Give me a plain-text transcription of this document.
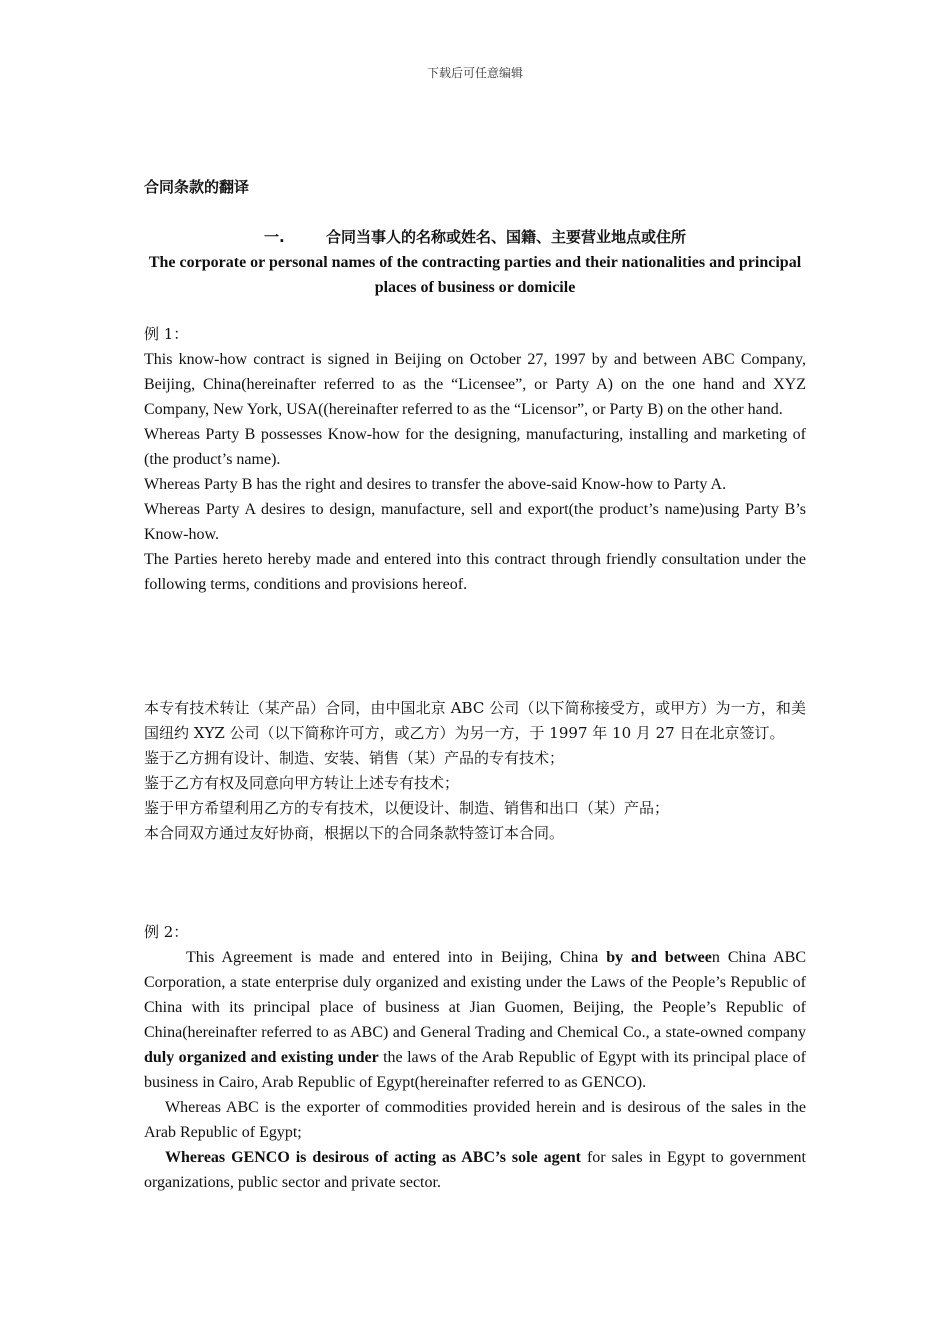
下载后可任意编辑
合同条款的翻译
一.	合同当事人的名称或姓名、国籍、主要营业地点或住所
The corporate or personal names of the contracting parties and their nationalities and principal places of business or domicile

例 1：

This know-how contract is signed in Beijing on October 27, 1997 by and between ABC Company, Beijing, China(hereinafter referred to as the “Licensee”, or Party A) on the one hand and XYZ Company, New York, USA((hereinafter referred to as the “Licensor”, or Party B) on the other hand.

Whereas Party B possesses Know-how for the designing, manufacturing, installing and marketing of (the product’s name).

Whereas Party B has the right and desires to transfer the above-said Know-how to Party A.

Whereas Party A desires to design, manufacture, sell and export(the product’s name)using Party B’s Know-how.

The Parties hereto hereby made and entered into this contract through friendly consultation under the following terms, conditions and provisions hereof.

本专有技术转让（某产品）合同，由中国北京 ABC 公司（以下简称接受方，或甲方）为一方，和美国纽约 XYZ 公司（以下简称许可方，或乙方）为另一方，于 1997 年 10 月 27 日在北京签订。

鉴于乙方拥有设计、制造、安装、销售（某）产品的专有技术；

鉴于乙方有权及同意向甲方转让上述专有技术；

鉴于甲方希望利用乙方的专有技术，以便设计、制造、销售和出口（某）产品；

本合同双方通过友好协商，根据以下的合同条款特签订本合同。

例 2：

This Agreement is made and entered into in Beijing, China by and between China ABC Corporation, a state enterprise duly organized and existing under the Laws of the People’s Republic of China with its principal place of business at Jian Guomen, Beijing, the People’s Republic of China(hereinafter referred to as ABC) and General Trading and Chemical Co., a state-owned company duly organized and existing under the laws of the Arab Republic of Egypt with its principal place of business in Cairo, Arab Republic of Egypt(hereinafter referred to as GENCO).

Whereas ABC is the exporter of commodities provided herein and is desirous of the sales in the Arab Republic of Egypt;

Whereas GENCO is desirous of acting as ABC’s sole agent for sales in Egypt to government organizations, public sector and private sector.
